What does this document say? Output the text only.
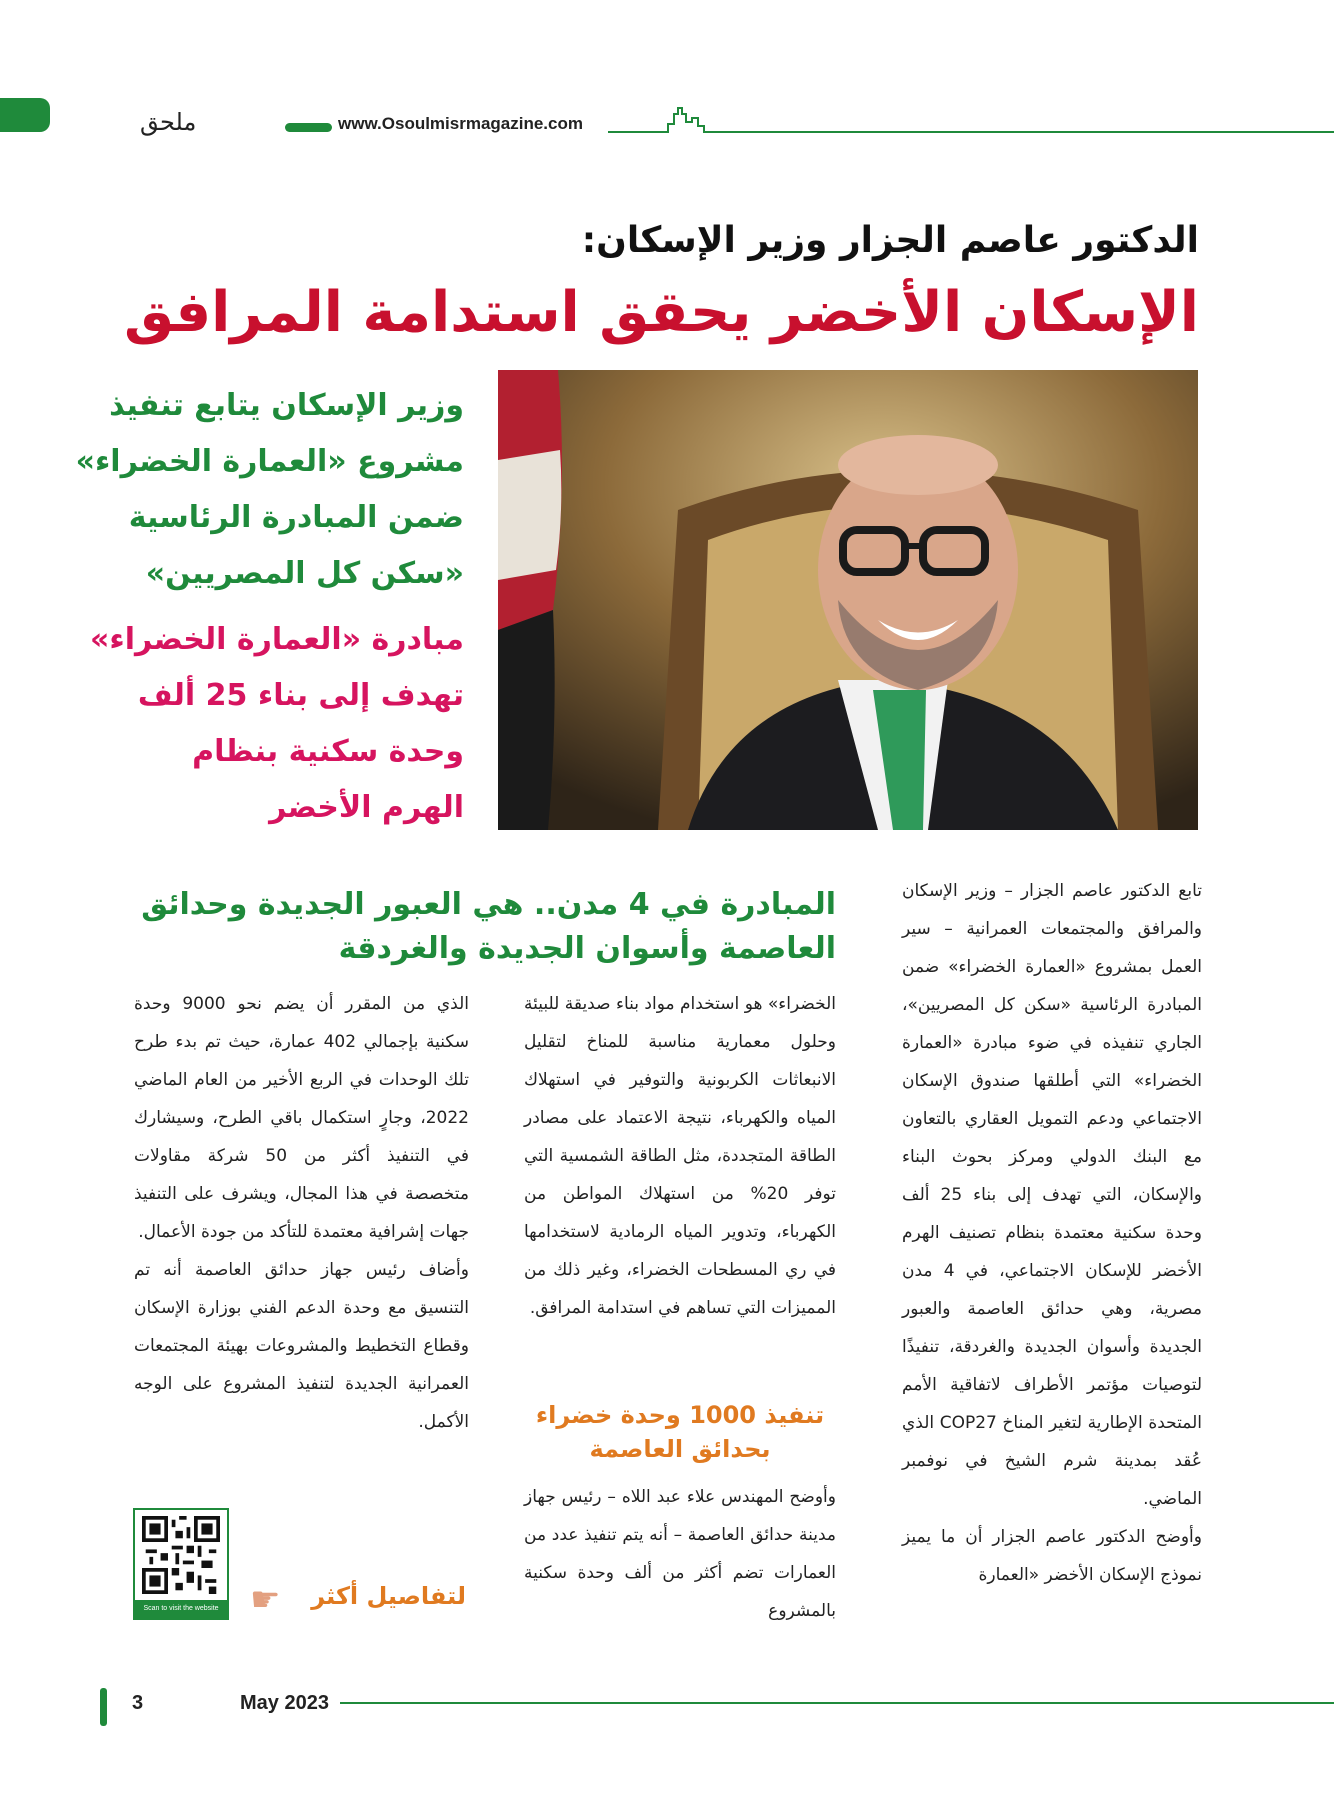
ملحق	www.Osoulmisrmagazine.com
الدكتور عاصم الجزار وزير الإسكان:
الإسكان الأخضر يحقق استدامة المرافق
وزير الإسكان يتابع تنفيذ
مشروع «العمارة الخضراء»
ضمن المبادرة الرئاسية
«سكن كل المصريين»
مبادرة «العمارة الخضراء»
تهدف إلى بناء 25 ألف
وحدة سكنية بنظام
الهرم الأخضر
المبادرة في 4 مدن.. هي العبور الجديدة وحدائق
العاصمة وأسوان الجديدة والغردقة

تابع الدكتور عاصم الجزار – وزير الإسكان والمرافق والمجتمعات العمرانية – سير العمل بمشروع «العمارة الخضراء» ضمن المبادرة الرئاسية «سكن كل المصريين»، الجاري تنفيذه في ضوء مبادرة «العمارة الخضراء» التي أطلقها صندوق الإسكان الاجتماعي ودعم التمويل العقاري بالتعاون مع البنك الدولي ومركز بحوث البناء والإسكان، التي تهدف إلى بناء 25 ألف وحدة سكنية معتمدة بنظام تصنيف الهرم الأخضر للإسكان الاجتماعي، في 4 مدن مصرية، وهي حدائق العاصمة والعبور الجديدة وأسوان الجديدة والغردقة، تنفيذًا لتوصيات مؤتمر الأطراف لاتفاقية الأمم المتحدة الإطارية لتغير المناخ COP27 الذي عُقد بمدينة شرم الشيخ في نوفمبر الماضي.

وأوضح الدكتور عاصم الجزار أن ما يميز نموذج الإسكان الأخضر «العمارة

الخضراء» هو استخدام مواد بناء صديقة للبيئة وحلول معمارية مناسبة للمناخ لتقليل الانبعاثات الكربونية والتوفير في استهلاك المياه والكهرباء، نتيجة الاعتماد على مصادر الطاقة المتجددة، مثل الطاقة الشمسية التي توفر 20% من استهلاك المواطن من الكهرباء، وتدوير المياه الرمادية لاستخدامها في ري المسطحات الخضراء، وغير ذلك من المميزات التي تساهم في استدامة المرافق.

تنفيذ 1000 وحدة خضراء
بحدائق العاصمة

وأوضح المهندس علاء عبد اللاه – رئيس جهاز مدينة حدائق العاصمة – أنه يتم تنفيذ عدد من العمارات تضم أكثر من ألف وحدة سكنية بالمشروع

الذي من المقرر أن يضم نحو 9000 وحدة سكنية بإجمالي 402 عمارة، حيث تم بدء طرح تلك الوحدات في الربع الأخير من العام الماضي 2022، وجارٍ استكمال باقي الطرح، وسيشارك في التنفيذ أكثر من 50 شركة مقاولات متخصصة في هذا المجال، ويشرف على التنفيذ جهات إشرافية معتمدة للتأكد من جودة الأعمال.

وأضاف رئيس جهاز حدائق العاصمة أنه تم التنسيق مع وحدة الدعم الفني بوزارة الإسكان وقطاع التخطيط والمشروعات بهيئة المجتمعات العمرانية الجديدة لتنفيذ المشروع على الوجه الأكمل.

لتفاصيل أكثر
☛
Scan to visit the website
3	May 2023
